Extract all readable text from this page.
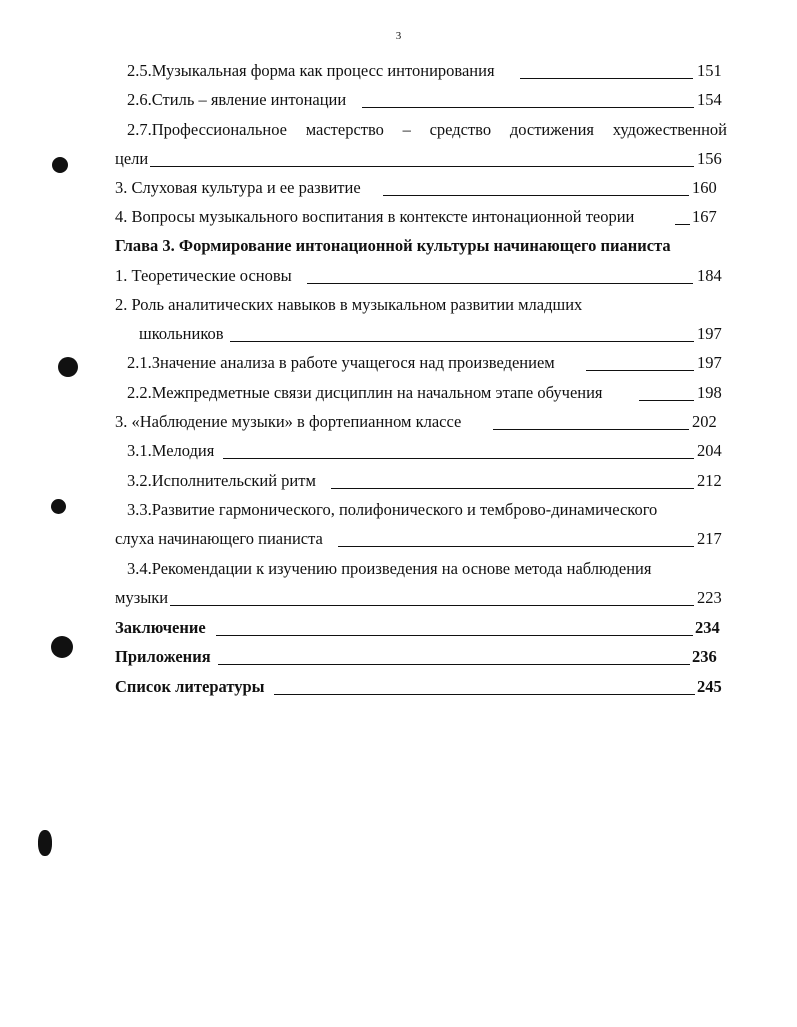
3
2.5.Музыкальная форма как процесс интонирования	151
2.6.Стиль – явление интонации	154
2.7.Профессиональное мастерство – средство достижения художественной
цели	156
3. Слуховая культура и ее развитие	160
4. Вопросы музыкального воспитания в контексте интонационной теории	167
Глава 3. Формирование интонационной культуры начинающего пианиста
1. Теоретические основы	184
2. Роль аналитических навыков в музыкальном развитии младших
школьников	197
2.1.Значение анализа в работе учащегося над произведением	197
2.2.Межпредметные связи дисциплин на начальном этапе обучения	198
3. «Наблюдение музыки» в фортепианном классе	202
3.1.Мелодия	204
3.2.Исполнительский ритм	212
3.3.Развитие гармонического, полифонического и темброво-динамического
слуха начинающего пианиста	217
3.4.Рекомендации к изучению произведения на основе метода наблюдения
музыки	223
Заключение	234
Приложения	236
Список литературы	245
